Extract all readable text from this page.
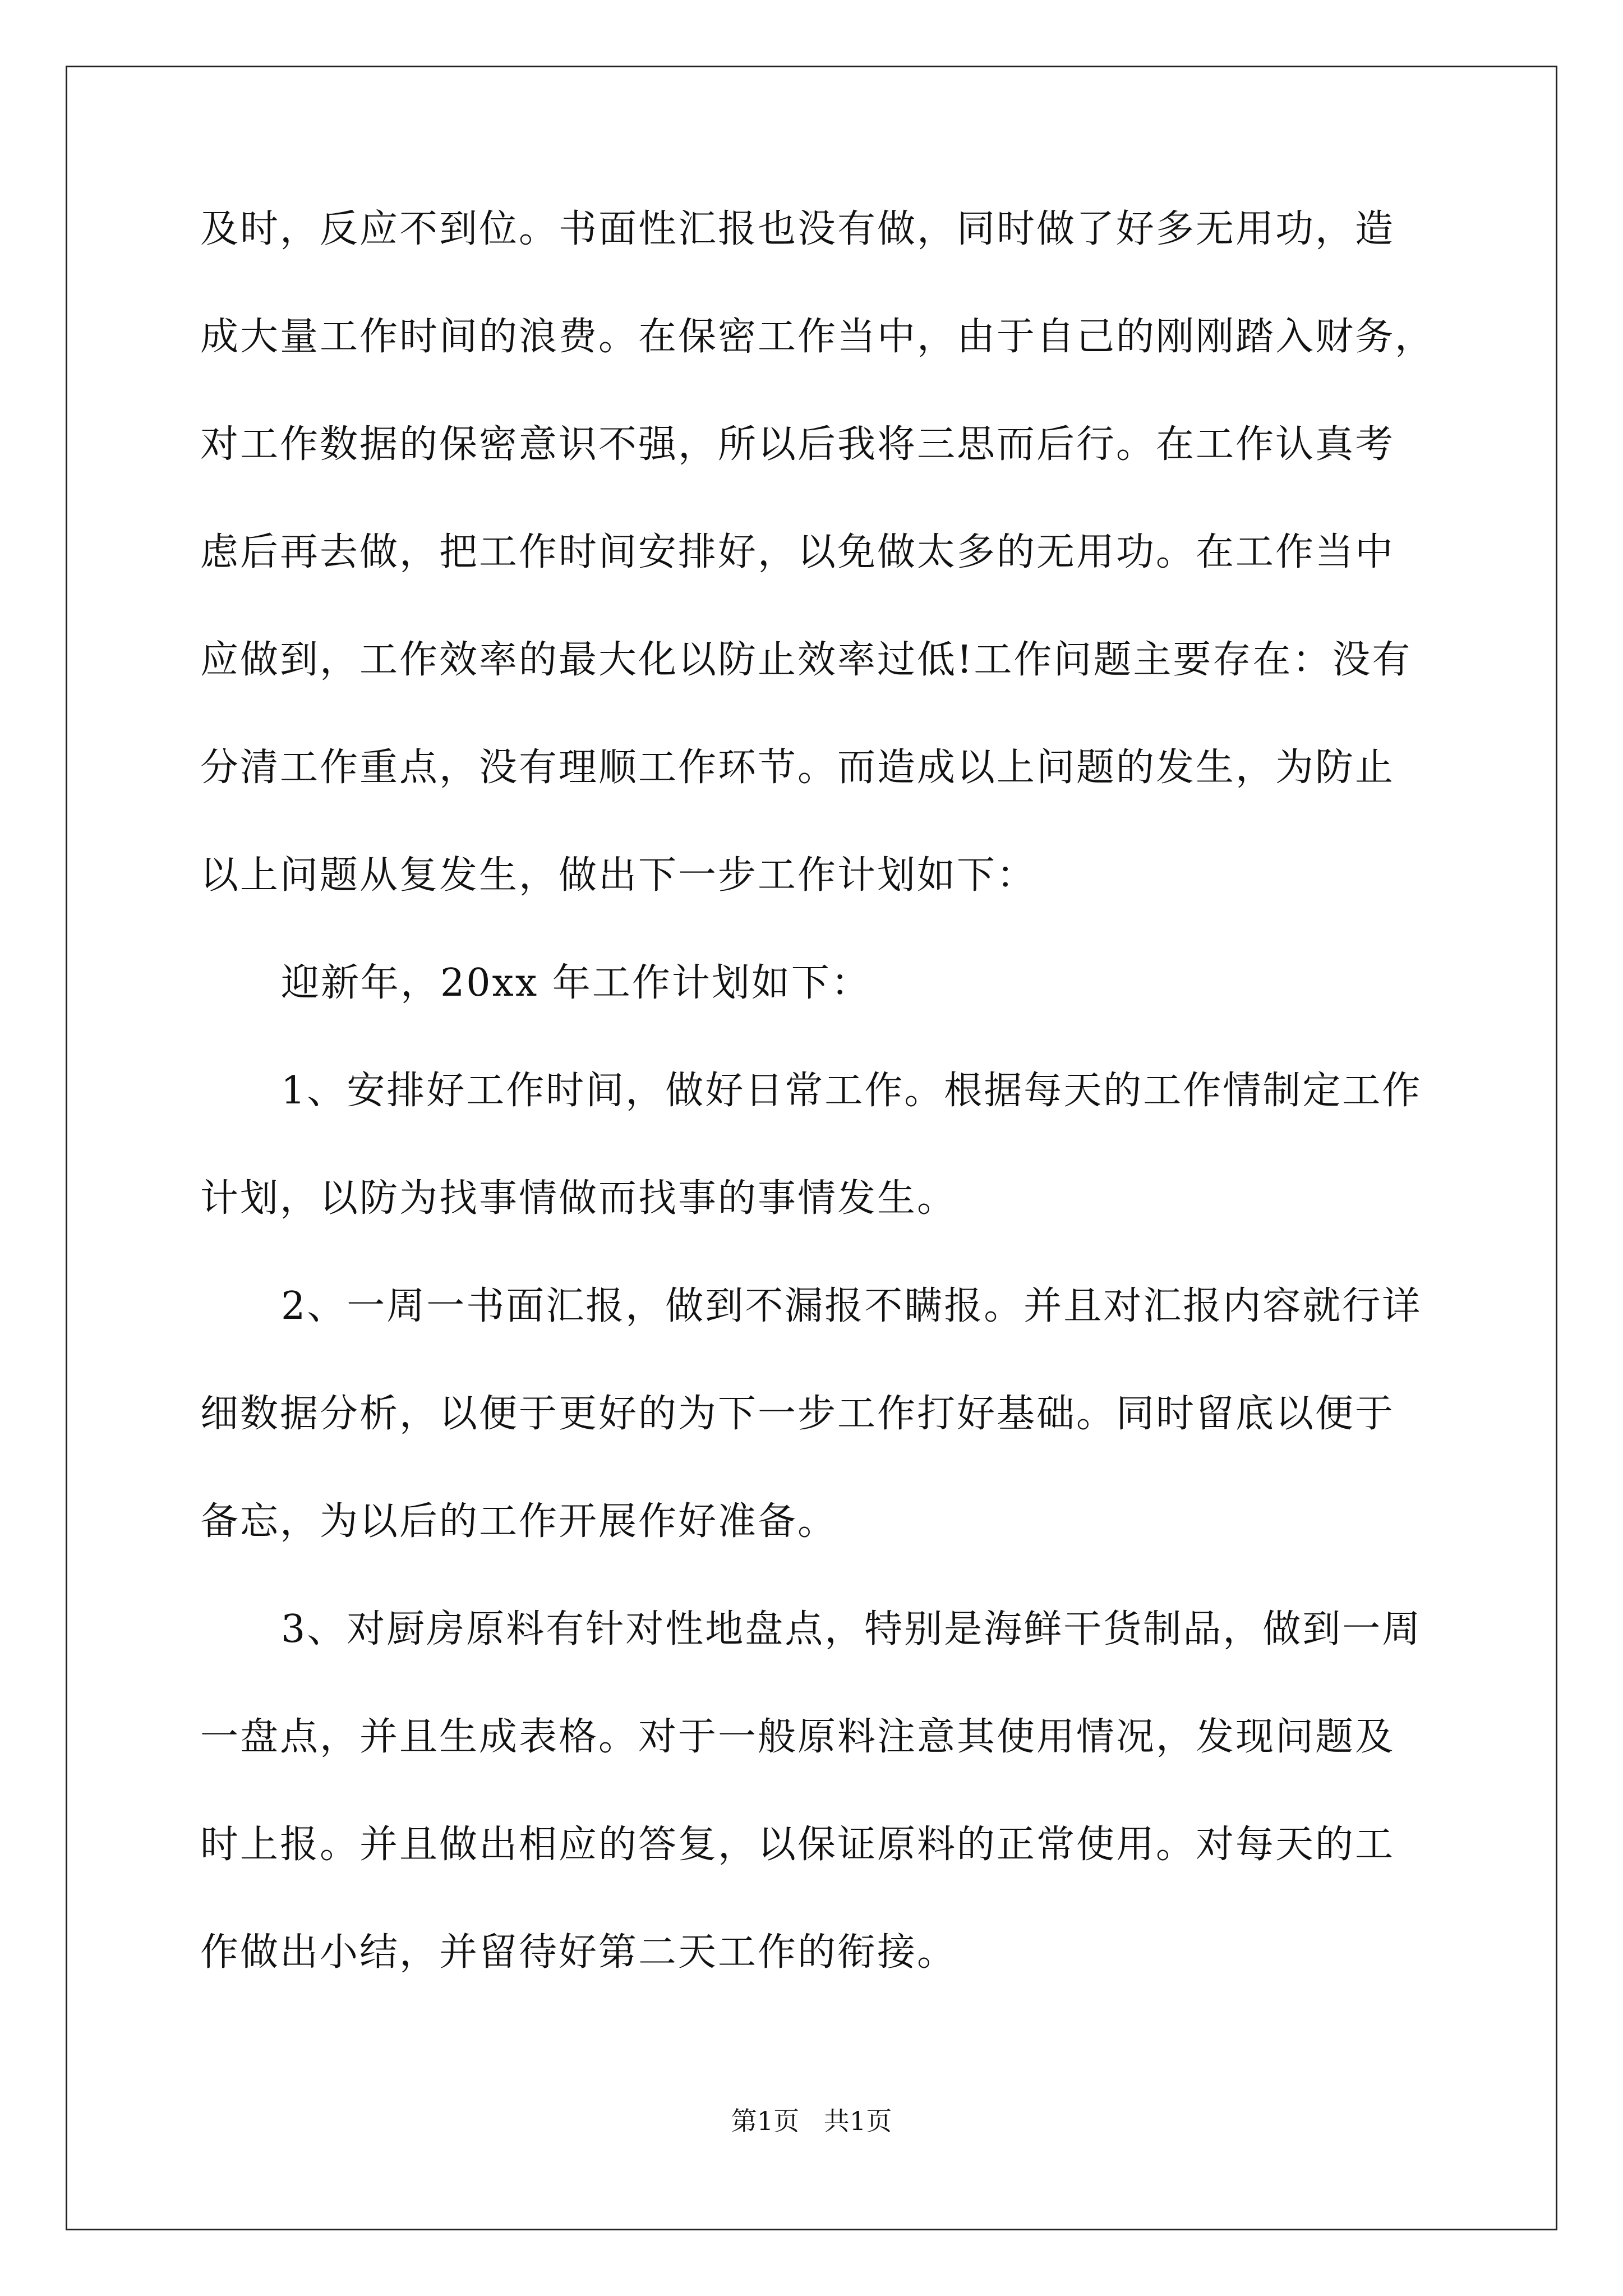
及时，反应不到位。书面性汇报也没有做，同时做了好多无用功，造
成大量工作时间的浪费。在保密工作当中，由于自己的刚刚踏入财务，
对工作数据的保密意识不强，所以后我将三思而后行。在工作认真考
虑后再去做，把工作时间安排好，以免做太多的无用功。在工作当中
应做到，工作效率的最大化以防止效率过低!工作问题主要存在：没有
分清工作重点，没有理顺工作环节。而造成以上问题的发生，为防止
以上问题从复发生，做出下一步工作计划如下：
迎新年，20xx 年工作计划如下：
1、安排好工作时间，做好日常工作。根据每天的工作情制定工作
计划，以防为找事情做而找事的事情发生。
2、一周一书面汇报，做到不漏报不瞒报。并且对汇报内容就行详
细数据分析，以便于更好的为下一步工作打好基础。同时留底以便于
备忘，为以后的工作开展作好准备。
3、对厨房原料有针对性地盘点，特别是海鲜干货制品，做到一周
一盘点，并且生成表格。对于一般原料注意其使用情况，发现问题及
时上报。并且做出相应的答复，以保证原料的正常使用。对每天的工
作做出小结，并留待好第二天工作的衔接。
第1页   共1页
